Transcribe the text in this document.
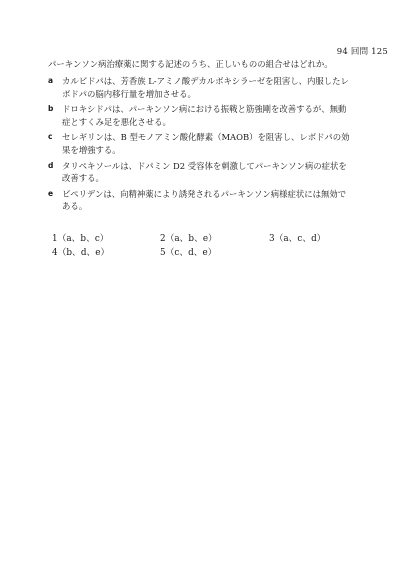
94 回問 125
パーキンソン病治療薬に関する記述のうち、正しいものの組合せはどれか。
a	カルビドパは、芳香族 L-アミノ酸デカルボキシラーゼを阻害し、内服したレ
ボドパの脳内移行量を増加させる。
b	ドロキシドパは、パーキンソン病における振戦と筋強剛を改善するが、無動
症とすくみ足を悪化させる。
c	セレギリンは、B 型モノアミン酸化酵素（MAOB）を阻害し、レボドパの効
果を増強する。
d	タリペキソールは、ドパミン D2 受容体を刺激してパーキンソン病の症状を
改善する。
e	ビペリデンは、向精神薬により誘発されるパーキンソン病様症状には無効で
ある。
1（a、b、c）	2（a、b、e）	3（a、c、d）
4（b、d、e）	5（c、d、e）
